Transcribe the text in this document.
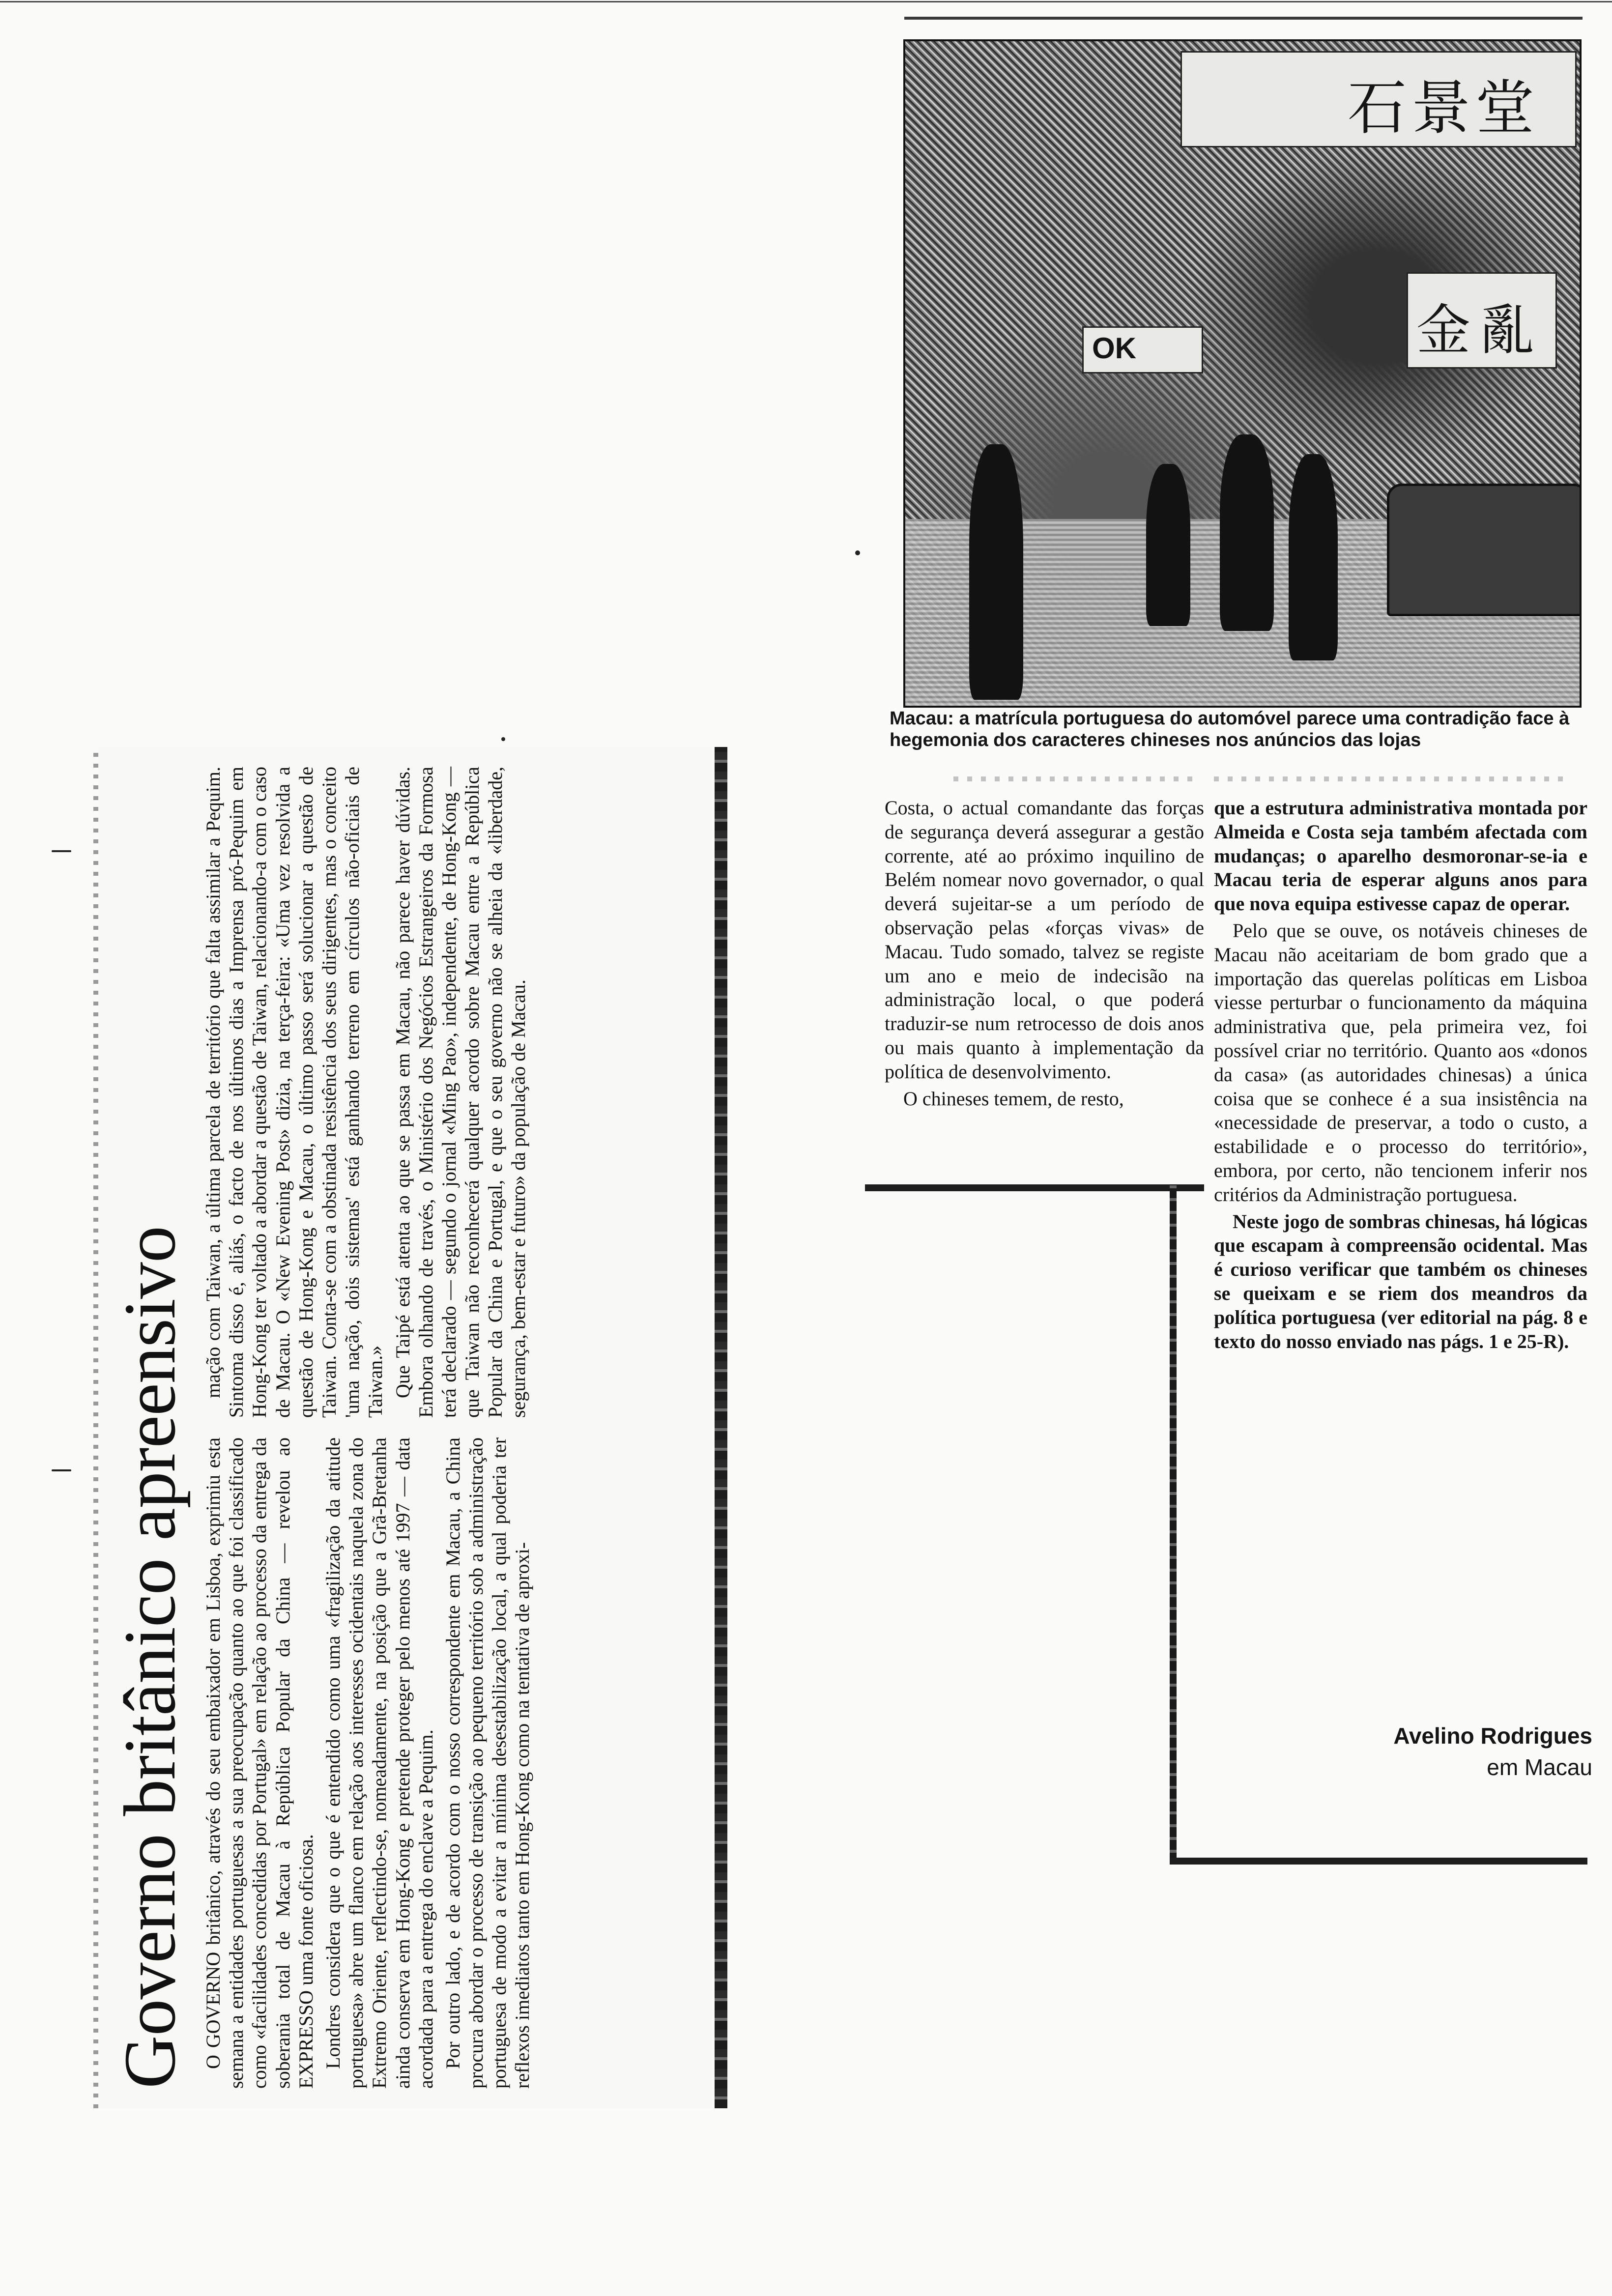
Governo britânico apreensivo O GOVERNO britânico, através do seu embaixador em Lisboa, exprimiu esta semana a entidades portuguesas a sua preocupação quanto ao que foi classificado como «facilidades concedidas por Portugal» em relação ao processo da entrega da soberania total de Macau à República Popular da China — revelou ao EXPRESSO uma fonte oficiosa. Londres considera que o que é entendido como uma «fragilização da atitude portuguesa» abre um flanco em relação aos interesses ocidentais naquela zona do Extremo Oriente, reflectindo-se, nomeadamente, na posição que a Grã-Bretanha ainda conserva em Hong-Kong e pretende proteger pelo menos até 1997 — data acordada para a entrega do enclave a Pequim. Por outro lado, e de acordo com o nosso correspondente em Macau, a China procura abordar o processo de transição ao pequeno território sob a administração portuguesa de modo a evitar a mínima desestabilização local, a qual poderia ter reflexos imediatos tanto em Hong-Kong como na tentativa de aproxi-

mação com Taiwan, a última parcela de território que falta assimilar a Pequim. Sintoma disso é, aliás, o facto de nos últimos dias a Imprensa pró-Pequim em Hong-Kong ter voltado a abordar a questão de Taiwan, relacionando-a com o caso de Macau. O «New Evening Post» dizia, na terça-feira: «Uma vez resolvida a questão de Hong-Kong e Macau, o último passo será solucionar a questão de Taiwan. Conta-se com a obstinada resistência dos seus dirigentes, mas o conceito 'uma nação, dois sistemas' está ganhando terreno em círculos não-oficiais de Taiwan.» Que Taipé está atenta ao que se passa em Macau, não parece haver dúvidas. Embora olhando de través, o Ministério dos Negócios Estrangeiros da Formosa terá declarado — segundo o jornal «Ming Pao», independente, de Hong-Kong — que Taiwan não reconhecerá qualquer acordo sobre Macau entre a República Popular da China e Portugal, e que o seu governo não se alheia da «liberdade, segurança, bem-estar e futuro» da população de Macau.

石 景 堂
金 亂
OK

Macau: a matrícula portuguesa do automóvel parece uma contradição face à hegemonia dos caracteres chineses nos anúncios das lojas

Costa, o actual comandante das forças de segurança deverá assegurar a gestão corrente, até ao próximo inquilino de Belém nomear novo governador, o qual deverá sujeitar-se a um período de observação pelas «forças vivas» de Macau. Tudo somado, talvez se registe um ano e meio de indecisão na administração local, o que poderá traduzir-se num retrocesso de dois anos ou mais quanto à implementação da política de desenvolvimento.

O chineses temem, de resto,

que a estrutura administrativa montada por Almeida e Costa seja também afectada com mudanças; o aparelho desmoronar-se-ia e Macau teria de esperar alguns anos para que nova equipa estivesse capaz de operar.

Pelo que se ouve, os notáveis chineses de Macau não aceitariam de bom grado que a importação das querelas políticas em Lisboa viesse perturbar o funcionamento da máquina administrativa que, pela primeira vez, foi possível criar no território. Quanto aos «donos da casa» (as autoridades chinesas) a única coisa que se conhece é a sua insistência na «necessidade de preservar, a todo o custo, a estabilidade e o processo do território», embora, por certo, não tencionem inferir nos critérios da Administração portuguesa.

Neste jogo de sombras chinesas, há lógicas que escapam à compreensão ocidental. Mas é curioso verificar que também os chineses se queixam e se riem dos meandros da política portuguesa (ver editorial na pág. 8 e texto do nosso enviado nas págs. 1 e 25-R).

Avelino Rodrigues
em Macau
